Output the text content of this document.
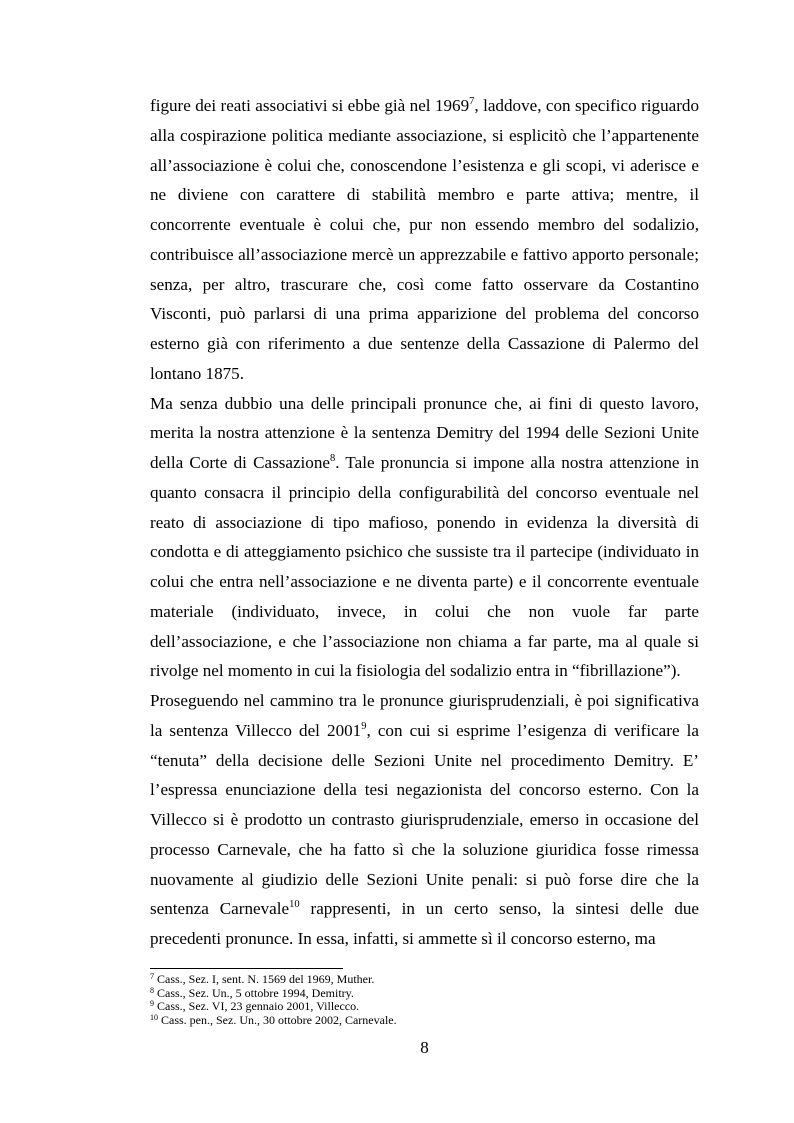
figure dei reati associativi si ebbe già nel 1969$^7$, laddove, con specifico riguardo alla cospirazione politica mediante associazione, si esplicitò che l’appartenente all’associazione è colui che, conoscendone l’esistenza e gli scopi, vi aderisce e ne diviene con carattere di stabilità membro e parte attiva; mentre, il concorrente eventuale è colui che, pur non essendo membro del sodalizio, contribuisce all’associazione mercè un apprezzabile e fattivo apporto personale; senza, per altro, trascurare che, così come fatto osservare da Costantino Visconti, può parlarsi di una prima apparizione del problema del concorso esterno già con riferimento a due sentenze della Cassazione di Palermo del lontano 1875.

Ma senza dubbio una delle principali pronunce che, ai fini di questo lavoro, merita la nostra attenzione è la sentenza Demitry del 1994 delle Sezioni Unite della Corte di Cassazione$^8$. Tale pronuncia si impone alla nostra attenzione in quanto consacra il principio della configurabilità del concorso eventuale nel reato di associazione di tipo mafioso, ponendo in evidenza la diversità di condotta e di atteggiamento psichico che sussiste tra il partecipe (individuato in colui che entra nell’associazione e ne diventa parte) e il concorrente eventuale materiale (individuato, invece, in colui che non vuole far parte dell’associazione, e che l’associazione non chiama a far parte, ma al quale si rivolge nel momento in cui la fisiologia del sodalizio entra in “fibrillazione”).

Proseguendo nel cammino tra le pronunce giurisprudenziali, è poi significativa la sentenza Villecco del 2001$^9$, con cui si esprime l’esigenza di verificare la “tenuta” della decisione delle Sezioni Unite nel procedimento Demitry. E’ l’espressa enunciazione della tesi negazionista del concorso esterno. Con la Villecco si è prodotto un contrasto giurisprudenziale, emerso in occasione del processo Carnevale, che ha fatto sì che la soluzione giuridica fosse rimessa nuovamente al giudizio delle Sezioni Unite penali: si può forse dire che la sentenza Carnevale$^{10}$ rappresenti, in un certo senso, la sintesi delle due precedenti pronunce. In essa, infatti, si ammette sì il concorso esterno, ma

$^7$ Cass., Sez. I, sent. N. 1569 del 1969, Muther.
$^8$ Cass., Sez. Un., 5 ottobre 1994, Demitry.
$^9$ Cass., Sez. VI, 23 gennaio 2001, Villecco.
$^{10}$ Cass. pen., Sez. Un., 30 ottobre 2002, Carnevale.
8
